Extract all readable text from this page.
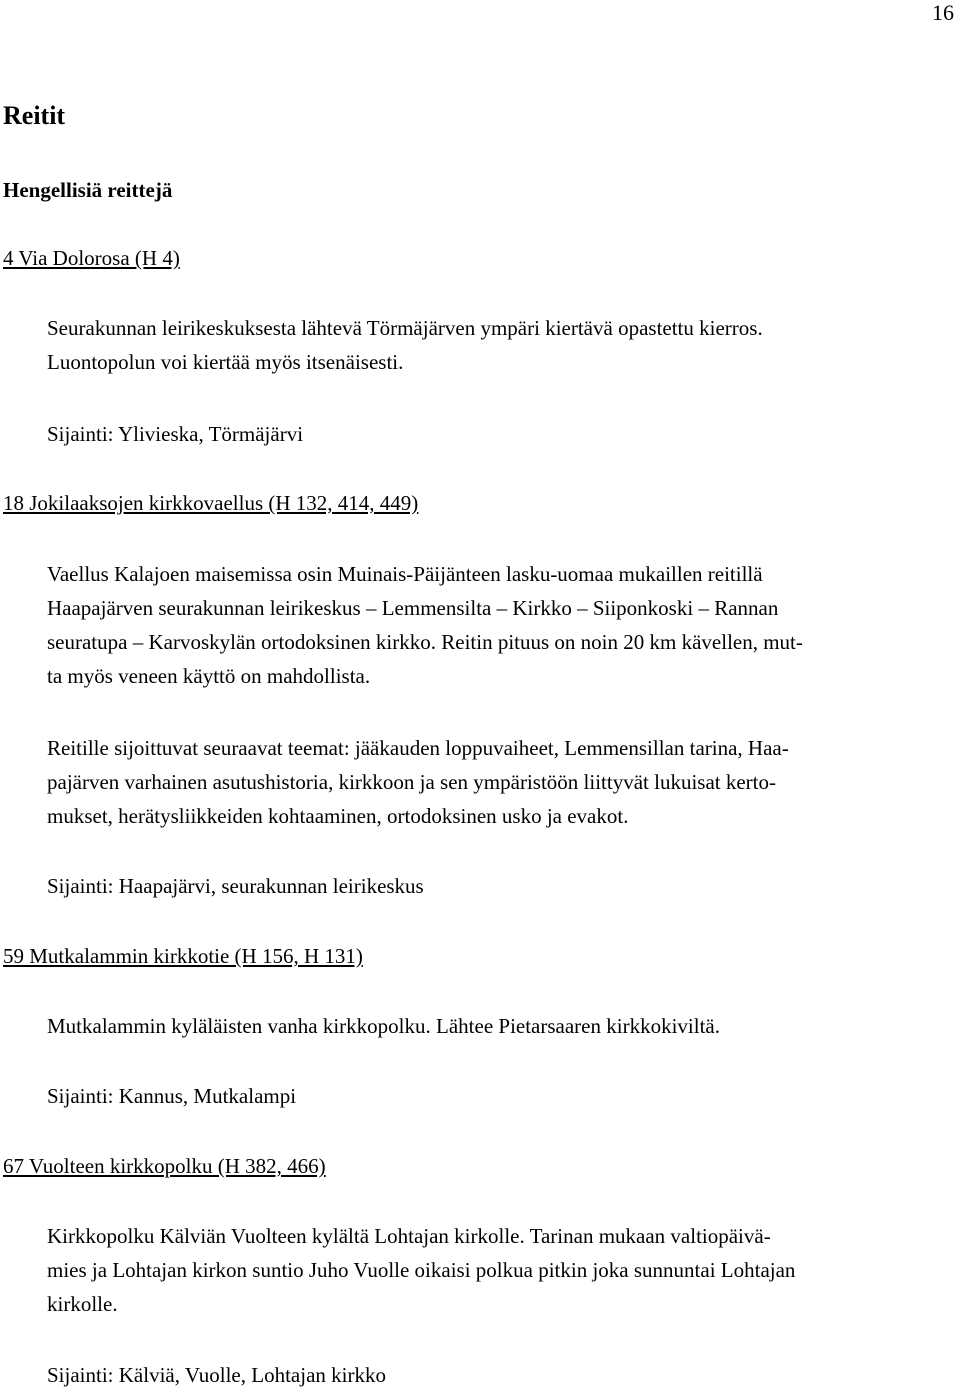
16
Reitit
Hengellisiä reittejä
4 Via Dolorosa (H 4)

Seurakunnan leirikeskuksesta lähtevä Törmäjärven ympäri kiertävä opastettu kierros.
Luontopolun voi kiertää myös itsenäisesti.

Sijainti: Ylivieska, Törmäjärvi
18 Jokilaaksojen kirkkovaellus (H 132, 414, 449)

Vaellus Kalajoen maisemissa osin Muinais-Päijänteen lasku-uomaa mukaillen reitillä
Haapajärven seurakunnan leirikeskus – Lemmensilta – Kirkko – Siiponkoski – Rannan
seuratupa – Karvoskylän ortodoksinen kirkko. Reitin pituus on noin 20 km kävellen, mut-
ta myös veneen käyttö on mahdollista.

Reitille sijoittuvat seuraavat teemat: jääkauden loppuvaiheet, Lemmensillan tarina, Haa-
pajärven varhainen asutushistoria, kirkkoon ja sen ympäristöön liittyvät lukuisat kerto-
mukset, herätysliikkeiden kohtaaminen, ortodoksinen usko ja evakot.

Sijainti: Haapajärvi, seurakunnan leirikeskus
59 Mutkalammin kirkkotie (H 156, H 131)

Mutkalammin kyläläisten vanha kirkkopolku. Lähtee Pietarsaaren kirkkokiviltä.

Sijainti: Kannus, Mutkalampi
67 Vuolteen kirkkopolku (H 382, 466)

Kirkkopolku Kälviän Vuolteen kylältä Lohtajan kirkolle. Tarinan mukaan valtiopäivä-
mies ja Lohtajan kirkon suntio Juho Vuolle oikaisi polkua pitkin joka sunnuntai Lohtajan
kirkolle.

Sijainti: Kälviä, Vuolle, Lohtajan kirkko
